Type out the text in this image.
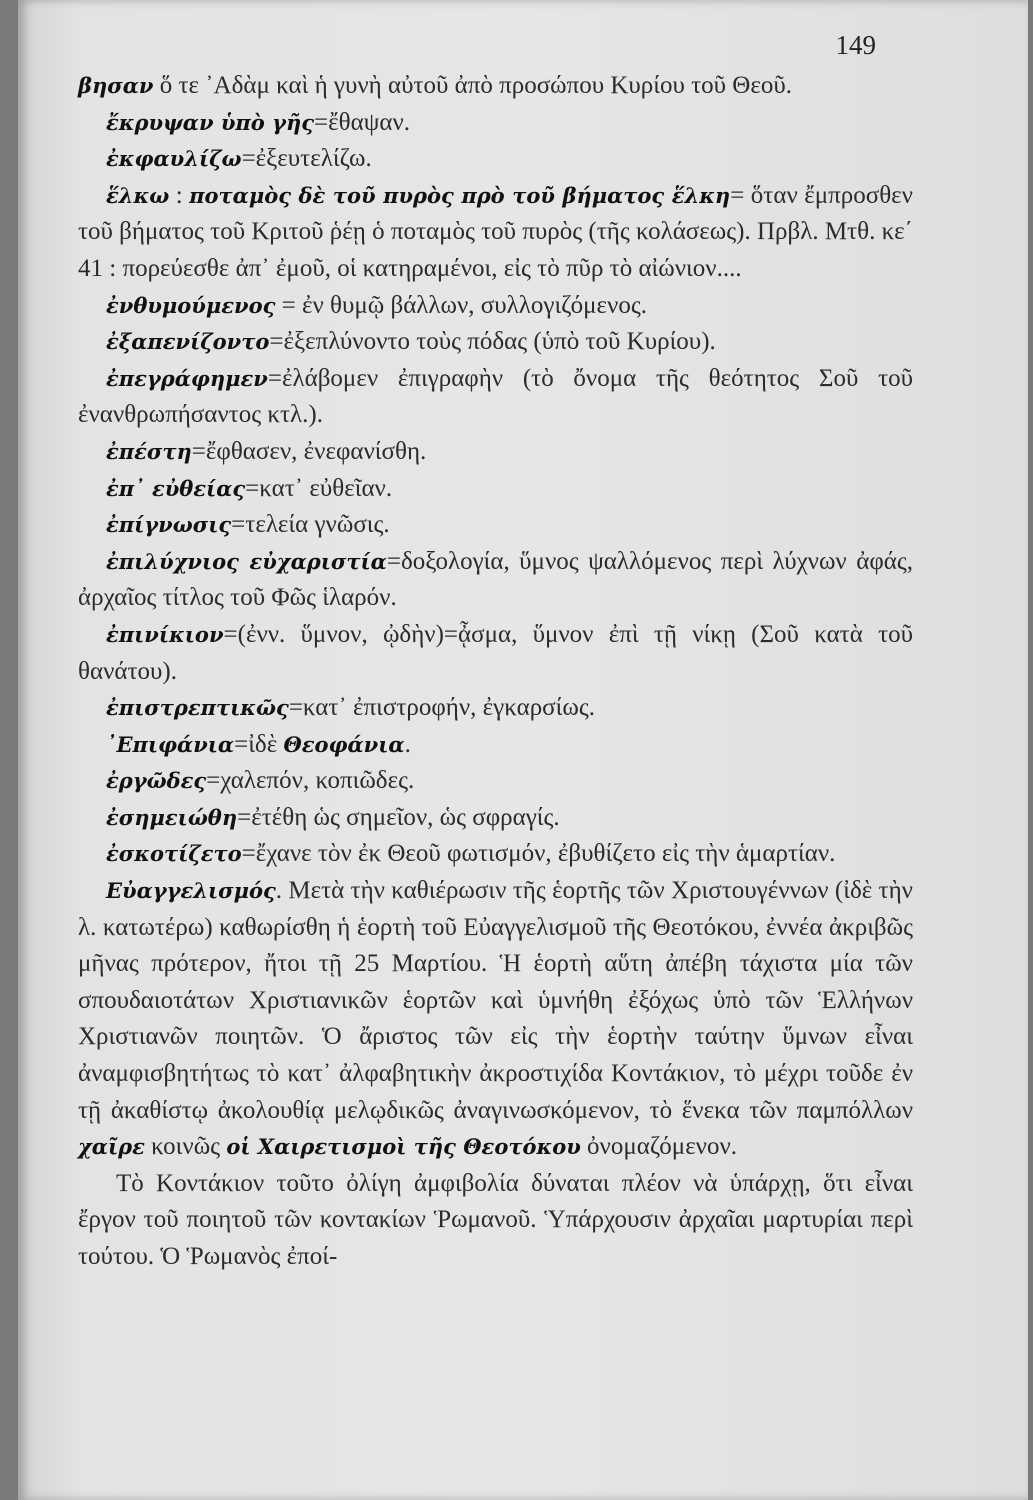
149

βησαν ὅ τε ᾿Αδὰμ καὶ ἡ γυνὴ αὐτοῦ ἀπὸ προσώπου Κυρίου τοῦ Θεοῦ.

ἔκρυψαν ὑπὸ γῆς=ἔθαψαν.

ἐκφαυλίζω=ἐξευτελίζω.

ἕλκω : ποταμὸς δὲ τοῦ πυρὸς πρὸ τοῦ βήματος ἕλκη= ὅταν ἔμπροσθεν τοῦ βήματος τοῦ Κριτοῦ ῥέῃ ὁ ποταμὸς τοῦ πυρὸς (τῆς κολάσεως). Πρβλ. Μτθ. κε΄ 41 : πορεύεσθε ἀπ᾿ ἐμοῦ, οἱ κατηραμένοι, εἰς τὸ πῦρ τὸ αἰώνιον....

ἐνθυμούμενος = ἐν θυμῷ βάλλων, συλλογιζόμενος.

ἐξαπενίζοντο=ἐξεπλύνοντο τοὺς πόδας (ὑπὸ τοῦ Κυρίου).

ἐπεγράφημεν=ἐλάβομεν ἐπιγραφὴν (τὸ ὄνομα τῆς θεότητος Σοῦ τοῦ ἐνανθρωπήσαντος κτλ.).

ἐπέστη=ἔφθασεν, ἐνεφανίσθη.

ἐπ᾿ εὐθείας=κατ᾿ εὐθεῖαν.

ἐπίγνωσις=τελεία γνῶσις.

ἐπιλύχνιος εὐχαριστία=δοξολογία, ὕμνος ψαλλόμενος περὶ λύχνων ἀφάς, ἀρχαῖος τίτλος τοῦ Φῶς ἱλαρόν.

ἐπινίκιον=(ἐνν. ὕμνον, ᾠδὴν)=ᾆσμα, ὕμνον ἐπὶ τῇ νίκῃ (Σοῦ κατὰ τοῦ θανάτου).

ἐπιστρεπτικῶς=κατ᾿ ἐπιστροφήν, ἐγκαρσίως.

᾿Επιφάνια=ἰδὲ Θεοφάνια.

ἐργῶδες=χαλεπόν, κοπιῶδες.

ἐσημειώθη=ἐτέθη ὡς σημεῖον, ὡς σφραγίς.

ἐσκοτίζετο=ἔχανε τὸν ἐκ Θεοῦ φωτισμόν, ἐβυθίζετο εἰς τὴν ἁμαρτίαν.

Εὐαγγελισμός. Μετὰ τὴν καθιέρωσιν τῆς ἑορτῆς τῶν Χριστουγέννων (ἰδὲ τὴν λ. κατωτέρω) καθωρίσθη ἡ ἑορτὴ τοῦ Εὐαγγελισμοῦ τῆς Θεοτόκου, ἐννέα ἀκριβῶς μῆνας πρότερον, ἤτοι τῇ 25 Μαρτίου. Ἡ ἑορτὴ αὕτη ἀπέβη τάχιστα μία τῶν σπουδαιοτάτων Χριστιανικῶν ἑορτῶν καὶ ὑμνήθη ἐξόχως ὑπὸ τῶν Ἑλλήνων Χριστιανῶν ποιητῶν. Ὁ ἄριστος τῶν εἰς τὴν ἑορτὴν ταύτην ὕμνων εἶναι ἀναμφισβητήτως τὸ κατ᾿ ἀλφαβητικὴν ἀκροστιχίδα Κοντάκιον, τὸ μέχρι τοῦδε ἐν τῇ ἀκαθίστῳ ἀκολουθίᾳ μελῳδικῶς ἀναγινωσκόμενον, τὸ ἕνεκα τῶν παμπόλλων χαῖρε κοινῶς οἱ Χαιρετισμοὶ τῆς Θεοτόκου ὀνομαζόμενον.

Τὸ Κοντάκιον τοῦτο ὀλίγη ἀμφιβολία δύναται πλέον νὰ ὑπάρχῃ, ὅτι εἶναι ἔργον τοῦ ποιητοῦ τῶν κοντακίων Ῥωμανοῦ. Ὑπάρχουσιν ἀρχαῖαι μαρτυρίαι περὶ τούτου. Ὁ Ῥωμανὸς ἐποί-
